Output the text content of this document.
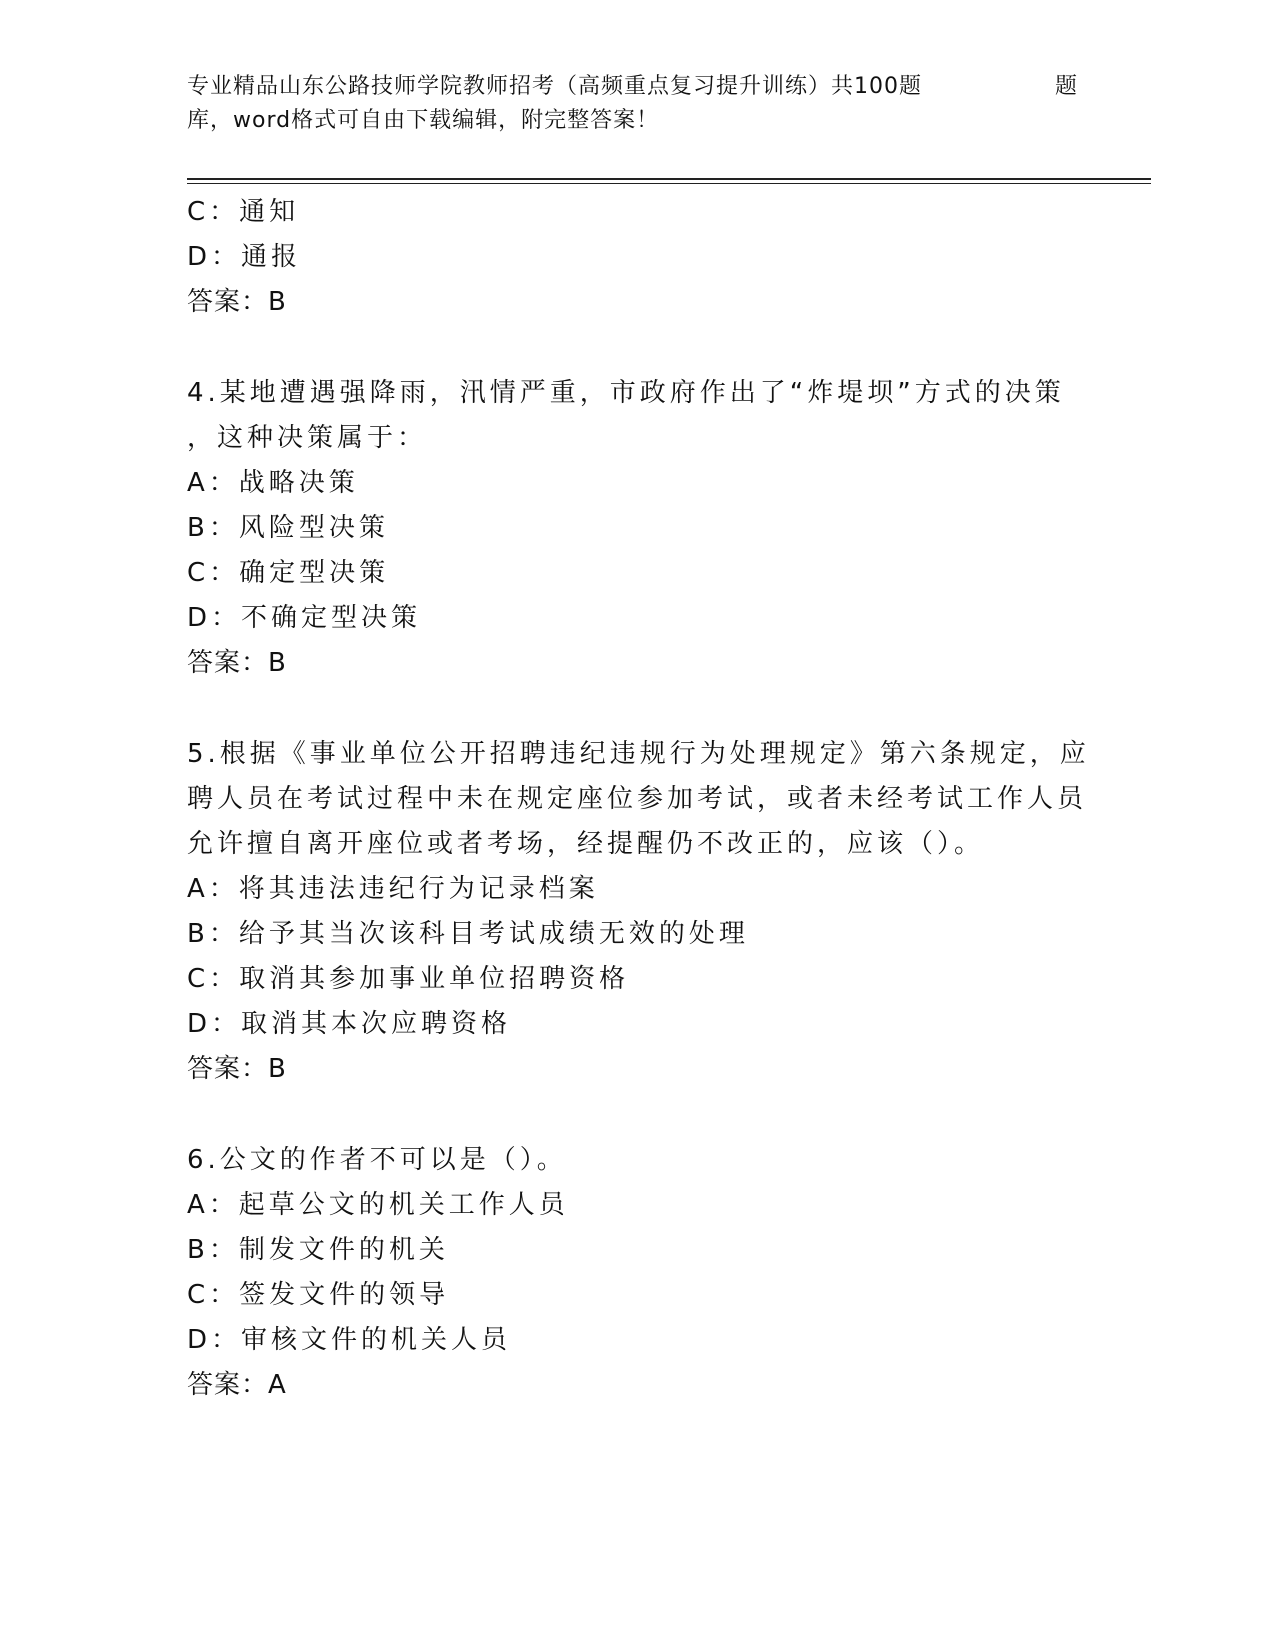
专业精品山东公路技师学院教师招考（高频重点复习提升训练）共100题
库，word格式可自由下载编辑，附完整答案！
题
C：通知
D：通报
答案：B
4.某地遭遇强降雨，汛情严重，市政府作出了“炸堤坝”方式的决策
，这种决策属于：
A：战略决策
B：风险型决策
C：确定型决策
D：不确定型决策
答案：B
5.根据《事业单位公开招聘违纪违规行为处理规定》第六条规定，应
聘人员在考试过程中未在规定座位参加考试，或者未经考试工作人员
允许擅自离开座位或者考场，经提醒仍不改正的，应该（）。
A：将其违法违纪行为记录档案
B：给予其当次该科目考试成绩无效的处理
C：取消其参加事业单位招聘资格
D：取消其本次应聘资格
答案：B
6.公文的作者不可以是（）。
A：起草公文的机关工作人员
B：制发文件的机关
C：签发文件的领导
D：审核文件的机关人员
答案：A
